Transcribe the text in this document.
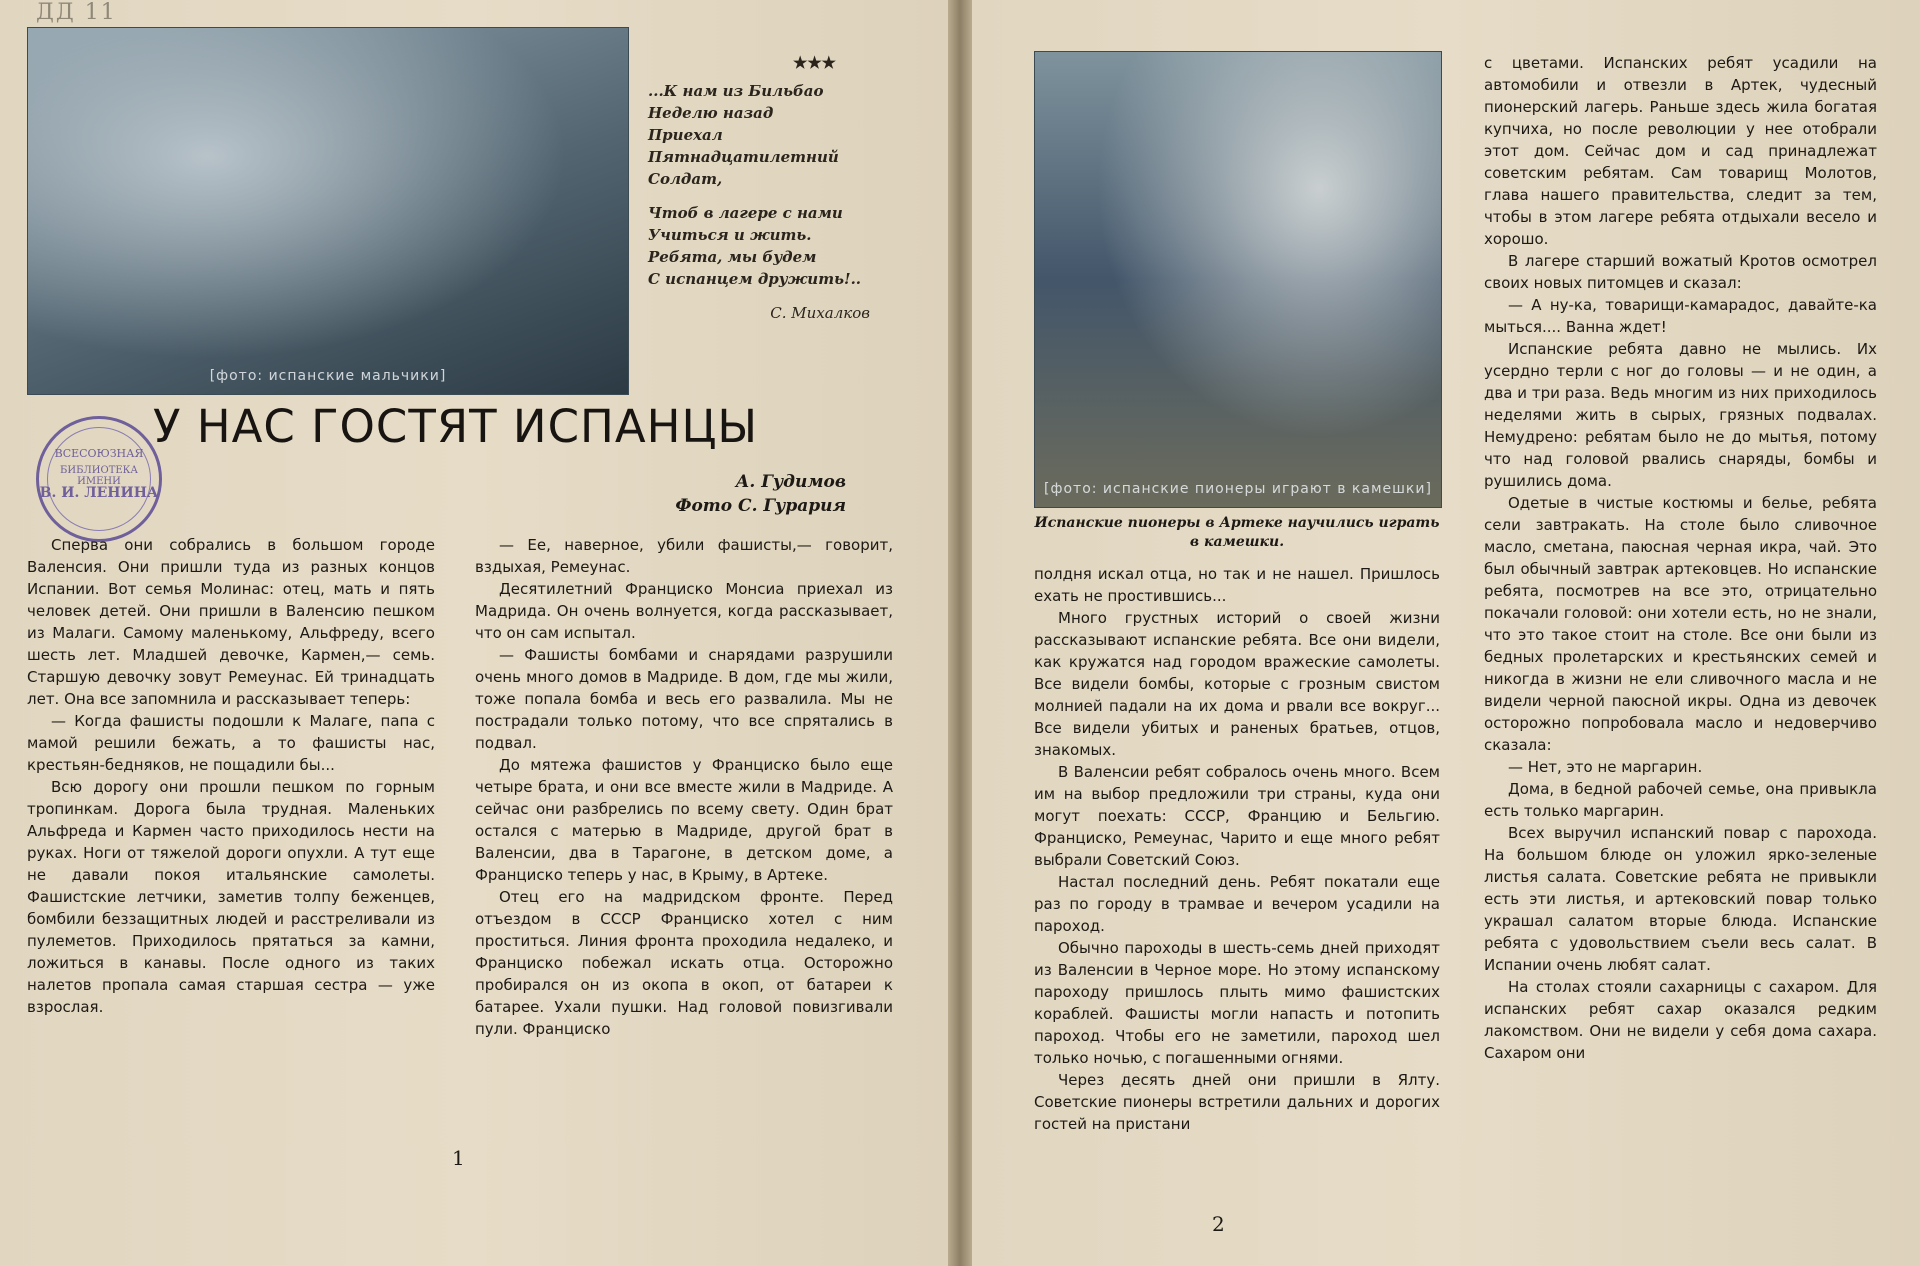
ДД 11
[фото: испанские мальчики]
★★★
...К нам из Бильбао
Неделю назад
Приехал
Пятнадцатилетний
Солдат,
Чтоб в лагере с нами
Учиться и жить.
Ребята, мы будем
С испанцем дружить!..
С. Михалков
ВСЕСОЮЗНАЯ
БИБЛИОТЕКА ИМЕНИ
В. И. ЛЕНИНА
У НАС ГОСТЯТ ИСПАНЦЫ
А. Гудимов
Фото С. Гурария

Сперва они собрались в большом городе Валенсия. Они пришли туда из разных концов Испании. Вот семья Молинас: отец, мать и пять человек детей. Они пришли в Валенсию пешком из Малаги. Самому маленькому, Альфреду, всего шесть лет. Младшей девочке, Кармен,— семь. Старшую девочку зовут Ремеунас. Ей тринадцать лет. Она все запомнила и рассказывает теперь:

— Когда фашисты подошли к Малаге, папа с мамой решили бежать, а то фашисты нас, крестьян-бедняков, не пощадили бы...

Всю дорогу они прошли пешком по горным тропинкам. Дорога была трудная. Маленьких Альфреда и Кармен часто приходилось нести на руках. Ноги от тяжелой дороги опухли. А тут еще не давали покоя итальянские самолеты. Фашистские летчики, заметив толпу беженцев, бомбили беззащитных людей и расстреливали из пулеметов. Приходилось прятаться за камни, ложиться в канавы. После одного из таких налетов пропала самая старшая сестра — уже взрослая.

— Ее, наверное, убили фашисты,— говорит, вздыхая, Ремеунас.

Десятилетний Франциско Монсиа приехал из Мадрида. Он очень волнуется, когда рассказывает, что он сам испытал.

— Фашисты бомбами и снарядами разрушили очень много домов в Мадриде. В дом, где мы жили, тоже попала бомба и весь его развалила. Мы не пострадали только потому, что все спрятались в подвал.

До мятежа фашистов у Франциско было еще четыре брата, и они все вместе жили в Мадриде. А сейчас они разбрелись по всему свету. Один брат остался с матерью в Мадриде, другой брат в Валенсии, два в Тарагоне, в детском доме, а Франциско теперь у нас, в Крыму, в Артеке.

Отец его на мадридском фронте. Перед отъездом в СССР Франциско хотел с ним проститься. Линия фронта проходила недалеко, и Франциско побежал искать отца. Осторожно пробирался он из окопа в окоп, от батареи к батарее. Ухали пушки. Над головой повизгивали пули. Франциско

1
[фото: испанские пионеры играют в камешки]
Испанские пионеры в Артеке научились играть в камешки.

полдня искал отца, но так и не нашел. Пришлось ехать не простившись...

Много грустных историй о своей жизни рассказывают испанские ребята. Все они видели, как кружатся над городом вражеские самолеты. Все видели бомбы, которые с грозным свистом молнией падали на их дома и рвали все вокруг... Все видели убитых и раненых братьев, отцов, знакомых.

В Валенсии ребят собралось очень много. Всем им на выбор предложили три страны, куда они могут поехать: СССР, Францию и Бельгию. Франциско, Ремеунас, Чарито и еще много ребят выбрали Советский Союз.

Настал последний день. Ребят покатали еще раз по городу в трамвае и вечером усадили на пароход.

Обычно пароходы в шесть-семь дней приходят из Валенсии в Черное море. Но этому испанскому пароходу пришлось плыть мимо фашистских кораблей. Фашисты могли напасть и потопить пароход. Чтобы его не заметили, пароход шел только ночью, с погашенными огнями.

Через десять дней они пришли в Ялту. Советские пионеры встретили дальних и дорогих гостей на пристани

с цветами. Испанских ребят усадили на автомобили и отвезли в Артек, чудесный пионерский лагерь. Раньше здесь жила богатая купчиха, но после революции у нее отобрали этот дом. Сейчас дом и сад принадлежат советским ребятам. Сам товарищ Молотов, глава нашего правительства, следит за тем, чтобы в этом лагере ребята отдыхали весело и хорошо.

В лагере старший вожатый Кротов осмотрел своих новых питомцев и сказал:

— А ну-ка, товарищи-камарадос, давайте-ка мыться.... Ванна ждет!

Испанские ребята давно не мылись. Их усердно терли с ног до головы — и не один, а два и три раза. Ведь многим из них приходилось неделями жить в сырых, грязных подвалах. Немудрено: ребятам было не до мытья, потому что над головой рвались снаряды, бомбы и рушились дома.

Одетые в чистые костюмы и белье, ребята сели завтракать. На столе было сливочное масло, сметана, паюсная черная икра, чай. Это был обычный завтрак артековцев. Но испанские ребята, посмотрев на все это, отрицательно покачали головой: они хотели есть, но не знали, что это такое стоит на столе. Все они были из бедных пролетарских и крестьянских семей и никогда в жизни не ели сливочного масла и не видели черной паюсной икры. Одна из девочек осторожно попробовала масло и недоверчиво сказала:

— Нет, это не маргарин.

Дома, в бедной рабочей семье, она привыкла есть только маргарин.

Всех выручил испанский повар с парохода. На большом блюде он уложил ярко-зеленые листья салата. Советские ребята не привыкли есть эти листья, и артековский повар только украшал салатом вторые блюда. Испанские ребята с удовольствием съели весь салат. В Испании очень любят салат.

На столах стояли сахарницы с сахаром. Для испанских ребят сахар оказался редким лакомством. Они не видели у себя дома сахара. Сахаром они

2
